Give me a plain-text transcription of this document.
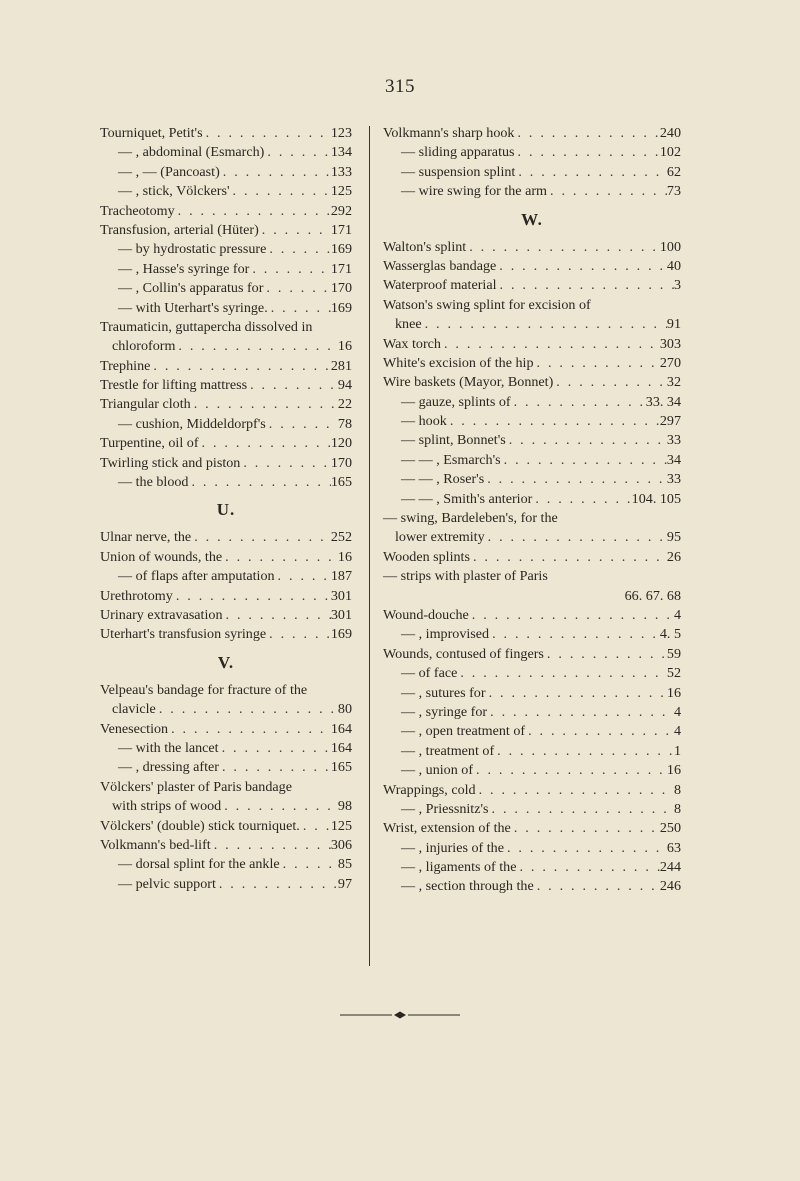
315
Tourniquet, Petit's . . .	123
— , abdominal (Esmarch) . . .	134
— , — (Pancoast) . . .	133
— , stick, Völckers' . . .	125
Tracheotomy . . .	292
Transfusion, arterial (Hüter) . . .	171
— by hydrostatic pressure . . .	169
— , Hasse's syringe for . . .	171
— , Collin's apparatus for . . .	170
— with Uterhart's syringe. . . .	169
Traumaticin, guttapercha dissolved in
chloroform . . .	16
Trephine . . .	281
Trestle for lifting mattress . . .	94
Triangular cloth . . .	22
— cushion, Middeldorpf's . . .	78
Turpentine, oil of . . .	120
Twirling stick and piston . . .	170
— the blood . . .	165
U.
Ulnar nerve, the . . .	252
Union of wounds, the . . .	16
— of flaps after amputation . . .	187
Urethrotomy . . .	301
Urinary extravasation . . .	301
Uterhart's transfusion syringe . . .	169
V.
Velpeau's bandage for fracture of the
clavicle . . .	80
Venesection . . .	164
— with the lancet . . .	164
— , dressing after . . .	165
Völckers' plaster of Paris bandage
with strips of wood . . .	98
Völckers' (double) stick tourniquet. . . . 125
Volkmann's bed-lift . . .	306
— dorsal splint for the ankle . . .	85
— pelvic support . . .	97
Volkmann's sharp hook . . .	240
— sliding apparatus . . .	102
— suspension splint . . .	62
— wire swing for the arm . . .	73
W.
Walton's splint . . .	100
Wasserglas bandage . . .	40
Waterproof material . . .	3
Watson's swing splint for excision of
knee . . .	91
Wax torch . . .	303
White's excision of the hip . . .	270
Wire baskets (Mayor, Bonnet) . . .	32
— gauze, splints of . . .	33. 34
— hook . . .	297
— splint, Bonnet's . . .	33
— — , Esmarch's . . .	34
— — , Roser's . . .	33
— — , Smith's anterior . . .	104. 105
— swing, Bardeleben's, for the
lower extremity . . .	95
Wooden splints . . .	26
— strips with plaster of Paris
66. 67. 68
Wound-douche . . .	4
— , improvised . . .	4. 5
Wounds, contused of fingers . . .	59
— of face . . .	52
— , sutures for . . .	16
— , syringe for . . .	4
— , open treatment of . . .	4
— , treatment of . . .	1
— , union of . . .	16
Wrappings, cold . . .	8
— , Priessnitz's . . .	8
Wrist, extension of the . . .	250
— , injuries of the . . .	63
— , ligaments of the . . .	244
— , section through the . . .	246
